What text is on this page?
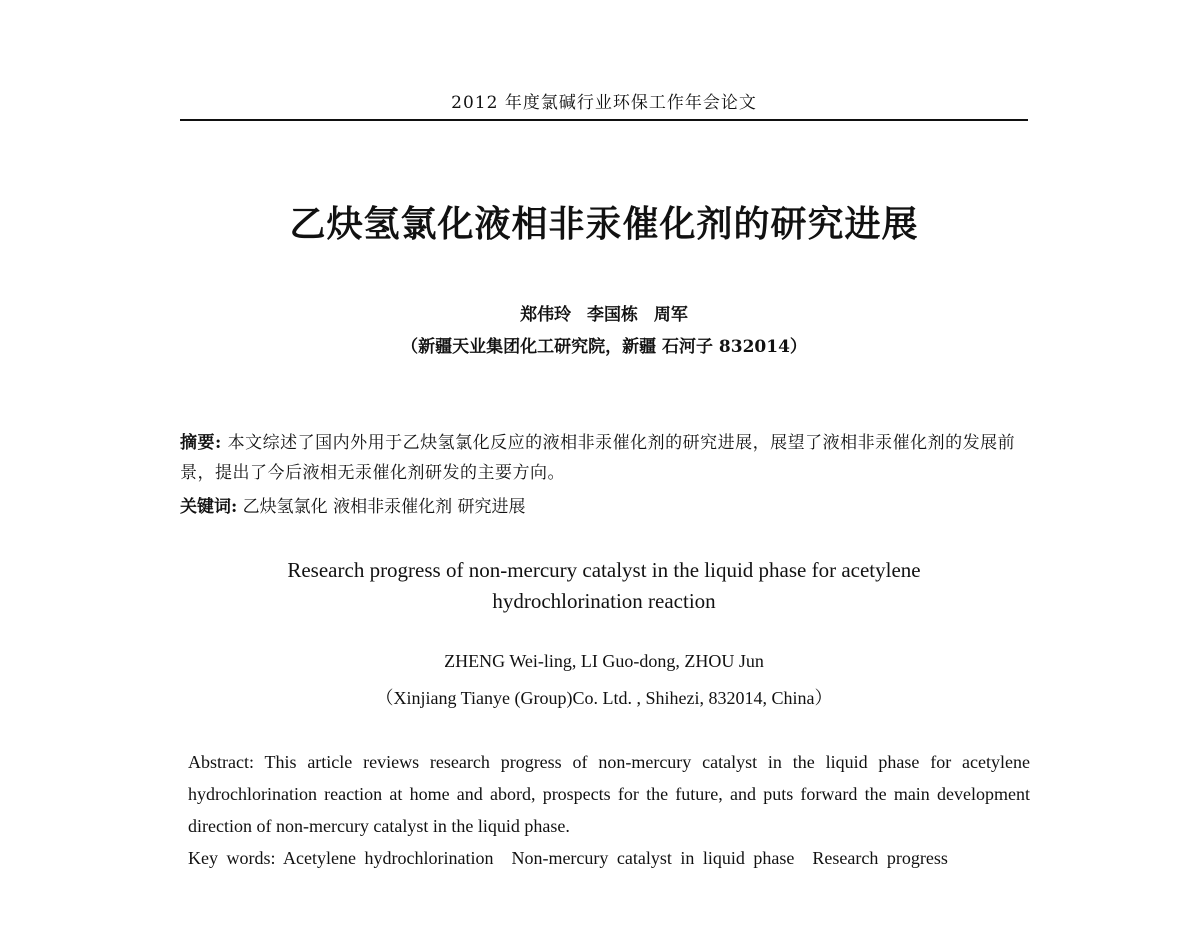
2012 年度氯碱行业环保工作年会论文
乙炔氢氯化液相非汞催化剂的研究进展
郑伟玲 李国栋 周军
（新疆天业集团化工研究院，新疆 石河子 832014）
摘要: 本文综述了国内外用于乙炔氢氯化反应的液相非汞催化剂的研究进展，展望了液相非汞催化剂的发展前景，提出了今后液相无汞催化剂研发的主要方向。
关键词: 乙炔氢氯化 液相非汞催化剂 研究进展
Research progress of non-mercury catalyst in the liquid phase for acetylene
hydrochlorination reaction
ZHENG Wei-ling, LI Guo-dong, ZHOU Jun
（Xinjiang Tianye (Group)Co. Ltd. , Shihezi, 832014, China）
Abstract: This article reviews research progress of non-mercury catalyst in the liquid phase for acetylene hydrochlorination reaction at home and abord, prospects for the future, and puts forward the main development direction of non-mercury catalyst in the liquid phase.
Key words: Acetylene hydrochlorination Non-mercury catalyst in liquid phase Research progress
